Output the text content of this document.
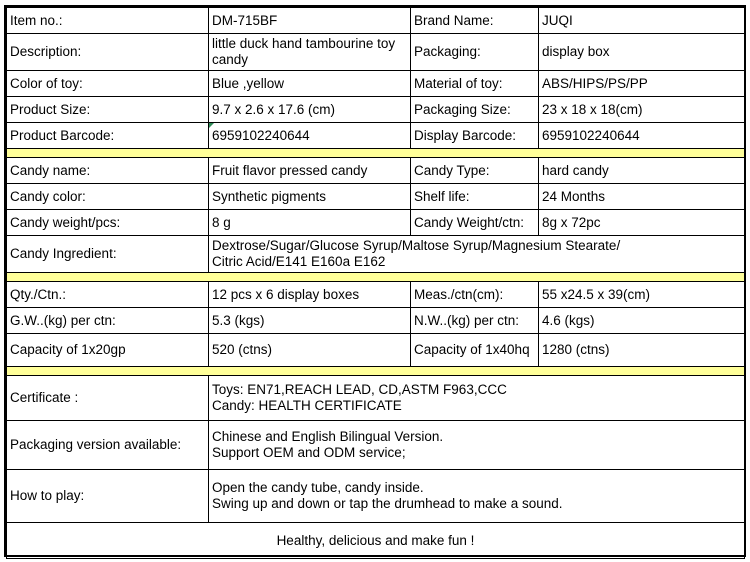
Item no.:	DM-715BF	Brand Name:	JUQI
Description:	little duck hand tambourine toy candy	Packaging:	display box
Color of toy:	Blue ,yellow	Material of toy:	ABS/HIPS/PS/PP
Product Size:	9.7 x 2.6 x 17.6 (cm)	Packaging Size:	23 x 18 x 18(cm)
Product Barcode:	6959102240644	Display Barcode:	6959102240644

Candy name:	Fruit flavor pressed candy	Candy Type:	hard candy
Candy color:	Synthetic pigments	Shelf life:	24 Months
Candy weight/pcs:	8 g	Candy Weight/ctn:	8g x 72pc
Candy Ingredient:	Dextrose/Sugar/Glucose Syrup/Maltose Syrup/Magnesium Stearate/
Citric Acid/E141 E160a E162		

Qty./Ctn.:	12 pcs x 6 display boxes	Meas./ctn(cm):	55 x24.5 x 39(cm)
G.W..(kg) per ctn:	5.3 (kgs)	N.W..(kg) per ctn:	4.6 (kgs)
Capacity of 1x20gp	520 (ctns)	Capacity of 1x40hq	1280 (ctns)

Certificate :	Toys: EN71,REACH LEAD, CD,ASTM F963,CCC
Candy: HEALTH CERTIFICATE		

Packaging version available:	Chinese and English Bilingual Version.
Support OEM and ODM service;		

How to play:	Open the candy tube, candy inside.
Swing up and down or tap the drumhead to make a sound.		

Healthy, delicious and make fun !			
